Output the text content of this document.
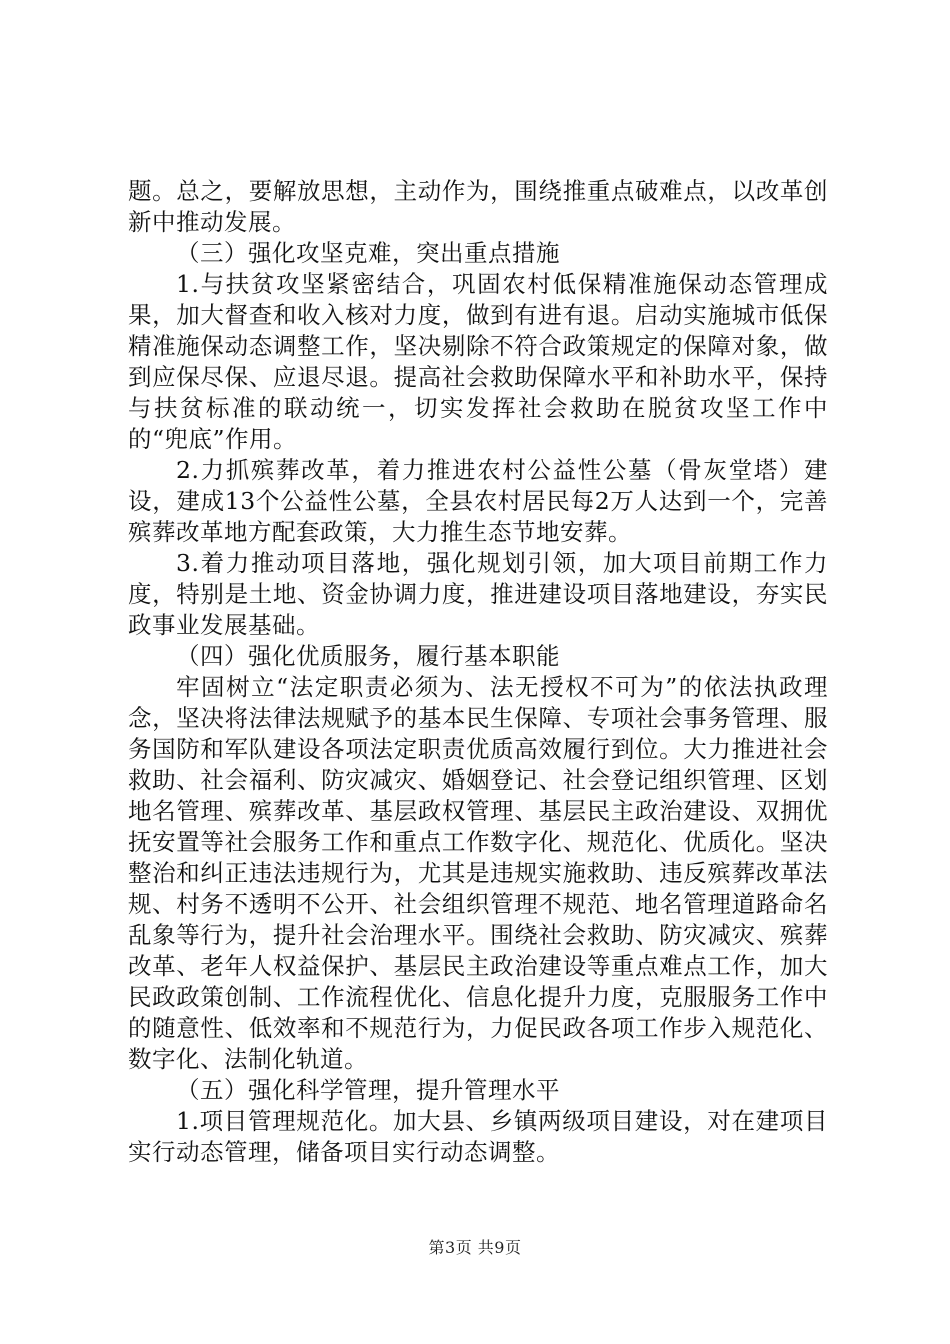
题。总之，要解放思想，主动作为，围绕推重点破难点，以改革创新中推动发展。

（三）强化攻坚克难，突出重点措施

1.与扶贫攻坚紧密结合，巩固农村低保精准施保动态管理成果，加大督查和收入核对力度，做到有进有退。启动实施城市低保精准施保动态调整工作，坚决剔除不符合政策规定的保障对象，做到应保尽保、应退尽退。提高社会救助保障水平和补助水平，保持与扶贫标准的联动统一，切实发挥社会救助在脱贫攻坚工作中的“兜底”作用。

2.力抓殡葬改革，着力推进农村公益性公墓（骨灰堂塔）建设，建成13个公益性公墓，全县农村居民每2万人达到一个，完善殡葬改革地方配套政策，大力推生态节地安葬。

3.着力推动项目落地，强化规划引领，加大项目前期工作力度，特别是土地、资金协调力度，推进建设项目落地建设，夯实民政事业发展基础。

（四）强化优质服务，履行基本职能

牢固树立“法定职责必须为、法无授权不可为”的依法执政理念，坚决将法律法规赋予的基本民生保障、专项社会事务管理、服务国防和军队建设各项法定职责优质高效履行到位。大力推进社会救助、社会福利、防灾减灾、婚姻登记、社会登记组织管理、区划地名管理、殡葬改革、基层政权管理、基层民主政治建设、双拥优抚安置等社会服务工作和重点工作数字化、规范化、优质化。坚决整治和纠正违法违规行为，尤其是违规实施救助、违反殡葬改革法规、村务不透明不公开、社会组织管理不规范、地名管理道路命名乱象等行为，提升社会治理水平。围绕社会救助、防灾减灾、殡葬改革、老年人权益保护、基层民主政治建设等重点难点工作，加大民政政策创制、工作流程优化、信息化提升力度，克服服务工作中的随意性、低效率和不规范行为，力促民政各项工作步入规范化、数字化、法制化轨道。

（五）强化科学管理，提升管理水平

1.项目管理规范化。加大县、乡镇两级项目建设，对在建项目实行动态管理，储备项目实行动态调整。

第3页 共9页
